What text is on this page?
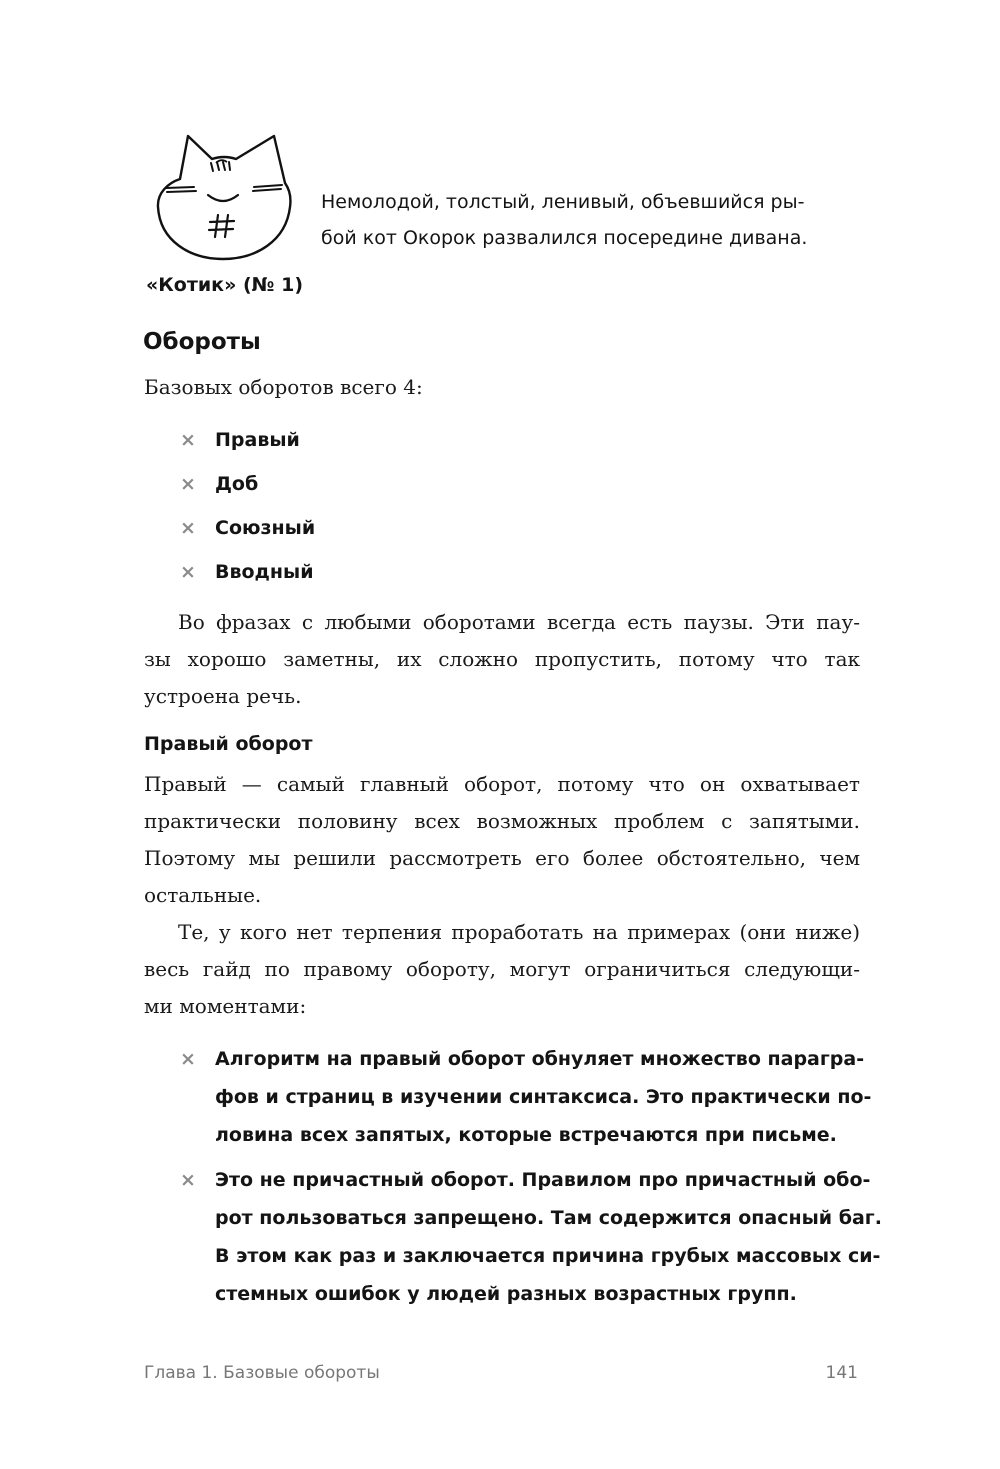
«Котик» (№ 1)
Немолодой, толстый, ленивый, объевшийся ры-
бой кот Окорок развалился посередине дивана.
Обороты
Базовых оборотов всего 4:
× Правый
× Доб
× Союзный
× Вводный
Во фразах с любыми оборотами всегда есть паузы. Эти пау-
зы хорошо заметны, их сложно пропустить, потому что так
устроена речь.
Правый оборот
Правый — самый главный оборот, потому что он охватывает
практически половину всех возможных проблем с запятыми.
Поэтому мы решили рассмотреть его более обстоятельно, чем
остальные.
Те, у кого нет терпения проработать на примерах (они ниже)
весь гайд по правому обороту, могут ограничиться следующи-
ми моментами:
× Алгоритм на правый оборот обнуляет множество парагра-
фов и страниц в изучении синтаксиса. Это практически по-
ловина всех запятых, которые встречаются при письме.
× Это не причастный оборот. Правилом про причастный обо-
рот пользоваться запрещено. Там содержится опасный баг.
В этом как раз и заключается причина грубых массовых си-
стемных ошибок у людей разных возрастных групп.
Глава 1. Базовые обороты	141
